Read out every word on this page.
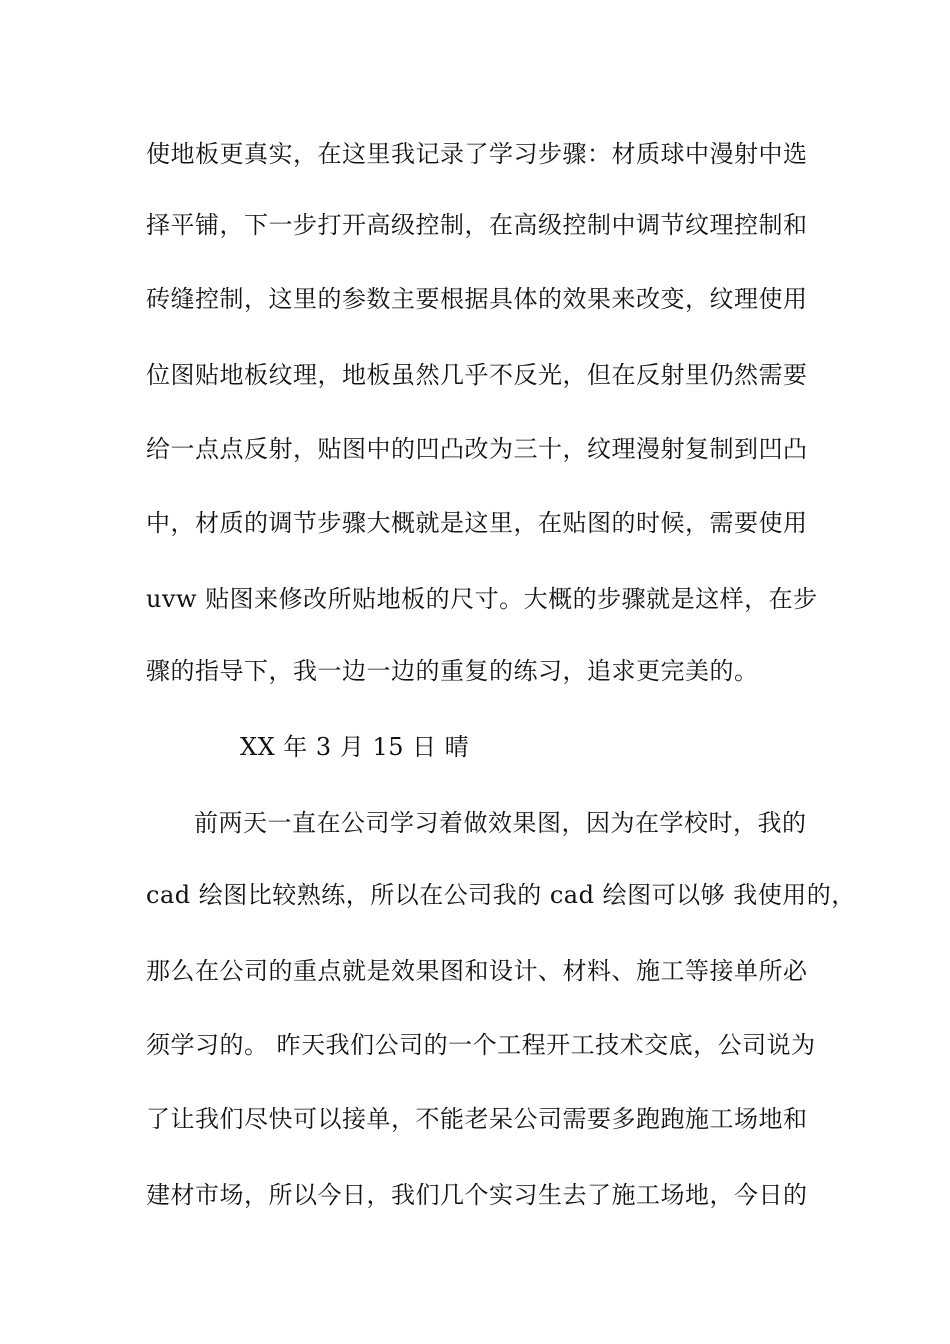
使地板更真实，在这里我记录了学习步骤：材质球中漫射中选
择平铺，下一步打开高级控制，在高级控制中调节纹理控制和
砖缝控制，这里的参数主要根据具体的效果来改变，纹理使用
位图贴地板纹理，地板虽然几乎不反光，但在反射里仍然需要
给一点点反射，贴图中的凹凸改为三十，纹理漫射复制到凹凸
中，材质的调节步骤大概就是这里，在贴图的时候，需要使用
uvw 贴图来修改所贴地板的尺寸。大概的步骤就是这样，在步
骤的指导下，我一边一边的重复的练习，追求更完美的。
XX 年 3 月 15 日 晴
前两天一直在公司学习着做效果图，因为在学校时，我的
cad 绘图比较熟练，所以在公司我的 cad 绘图可以够 我使用的，
那么在公司的重点就是效果图和设计、材料、施工等接单所必
须学习的。 昨天我们公司的一个工程开工技术交底，公司说为
了让我们尽快可以接单，不能老呆公司需要多跑跑施工场地和
建材市场，所以今日，我们几个实习生去了施工场地，今日的
